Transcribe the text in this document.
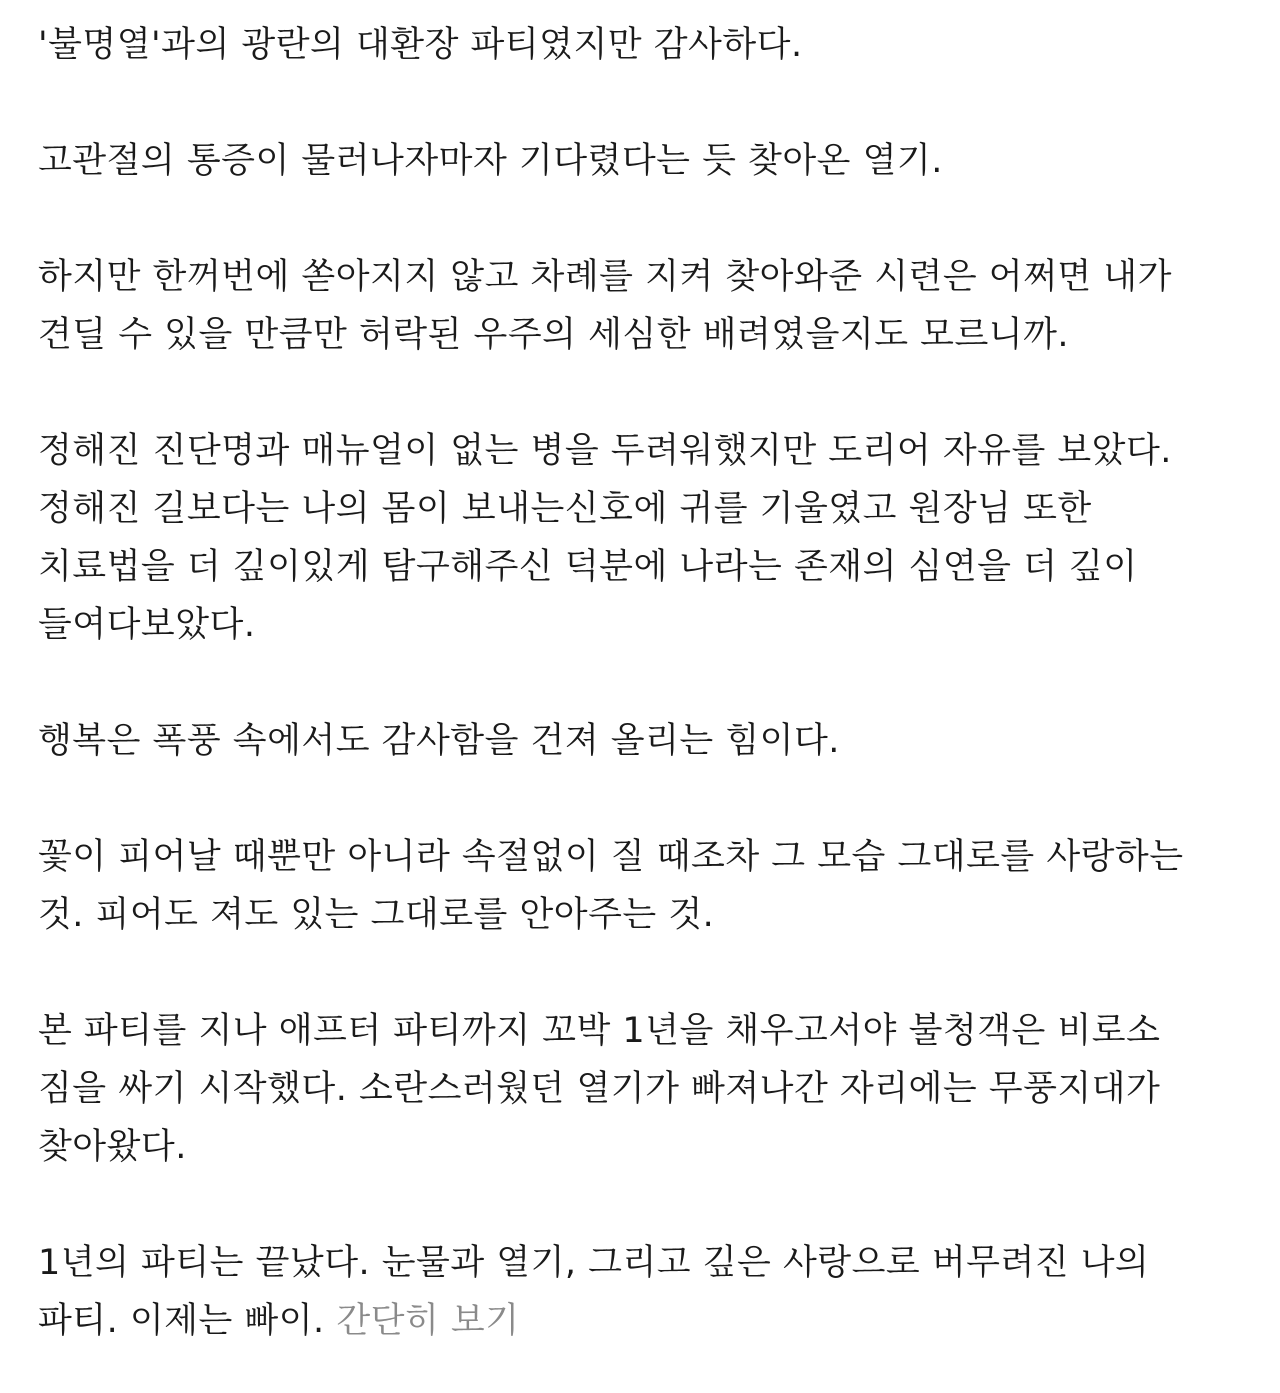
'불명열'과의 광란의 대환장 파티였지만 감사하다.

고관절의 통증이 물러나자마자 기다렸다는 듯 찾아온 열기.

하지만 한꺼번에 쏟아지지 않고 차례를 지켜 찾아와준 시련은 어쩌면 내가
견딜 수 있을 만큼만 허락된 우주의 세심한 배려였을지도 모르니까.

정해진 진단명과 매뉴얼이 없는 병을 두려워했지만 도리어 자유를 보았다.
정해진 길보다는 나의 몸이 보내는신호에 귀를 기울였고 원장님 또한
치료법을 더 깊이있게 탐구해주신 덕분에 나라는 존재의 심연을 더 깊이
들여다보았다.

행복은 폭풍 속에서도 감사함을 건져 올리는 힘이다.

꽃이 피어날 때뿐만 아니라 속절없이 질 때조차 그 모습 그대로를 사랑하는
것. 피어도 져도 있는 그대로를 안아주는 것.

본 파티를 지나 애프터 파티까지 꼬박 1년을 채우고서야 불청객은 비로소
짐을 싸기 시작했다. 소란스러웠던 열기가 빠져나간 자리에는 무풍지대가
찾아왔다.

1년의 파티는 끝났다. 눈물과 열기, 그리고 깊은 사랑으로 버무려진 나의
파티. 이제는 빠이. 간단히 보기
